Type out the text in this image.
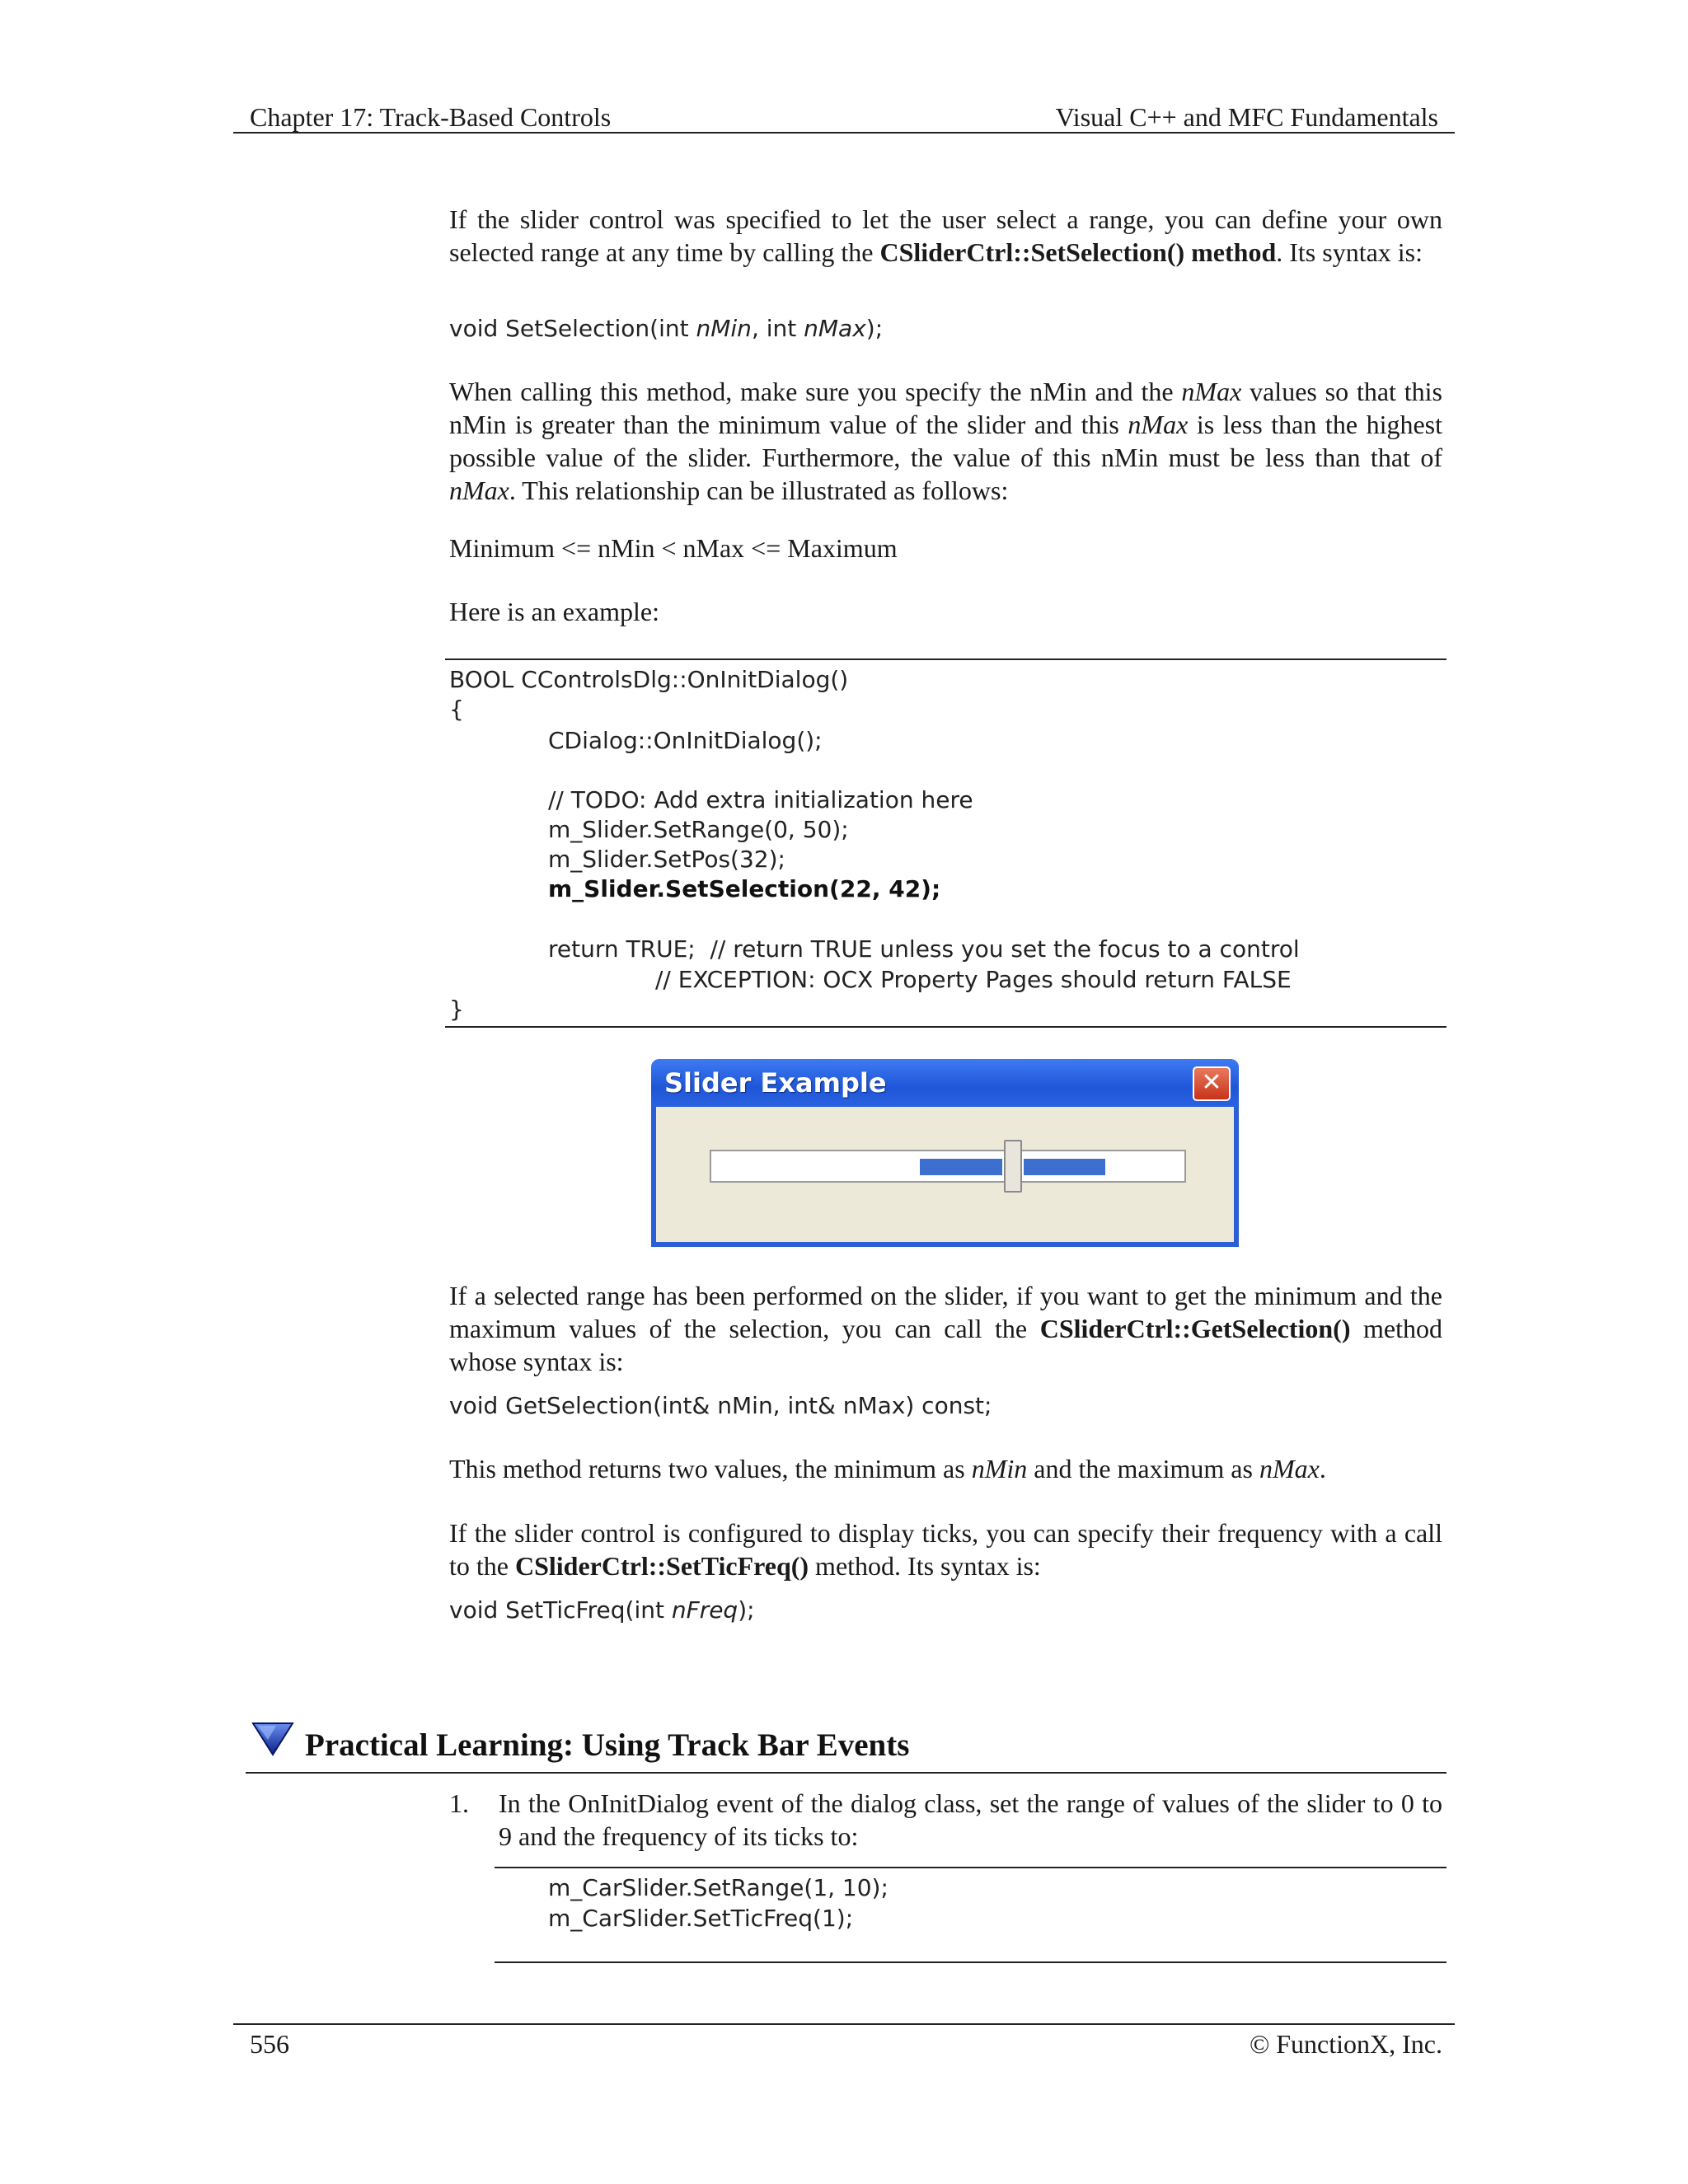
Chapter 17: Track-Based Controls	Visual C++ and MFC Fundamentals
If the slider control was specified to let the user select a range, you can define your own selected range at any time by calling the CSliderCtrl::SetSelection() method. Its syntax is:
void SetSelection(int nMin, int nMax);
When calling this method, make sure you specify the nMin and the nMax values so that this nMin is greater than the minimum value of the slider and this nMax is less than the highest possible value of the slider. Furthermore, the value of this nMin must be less than that of nMax. This relationship can be illustrated as follows:
Minimum <= nMin < nMax <= Maximum
Here is an example:
BOOL CControlsDlg::OnInitDialog()
{
CDialog::OnInitDialog();
// TODO: Add extra initialization here
m_Slider.SetRange(0, 50);
m_Slider.SetPos(32);
m_Slider.SetSelection(22, 42);
return TRUE;  // return TRUE unless you set the focus to a control
// EXCEPTION: OCX Property Pages should return FALSE
}
Slider Example	✕
If a selected range has been performed on the slider, if you want to get the minimum and the maximum values of the selection, you can call the CSliderCtrl::GetSelection() method whose syntax is:
void GetSelection(int& nMin, int& nMax) const;
This method returns two values, the minimum as nMin and the maximum as nMax.
If the slider control is configured to display ticks, you can specify their frequency with a call to the CSliderCtrl::SetTicFreq() method. Its syntax is:
void SetTicFreq(int nFreq);
Practical Learning: Using Track Bar Events
1. In the OnInitDialog event of the dialog class, set the range of values of the slider to 0 to 9 and the frequency of its ticks to:
m_CarSlider.SetRange(1, 10);
m_CarSlider.SetTicFreq(1);
556	© FunctionX, Inc.
